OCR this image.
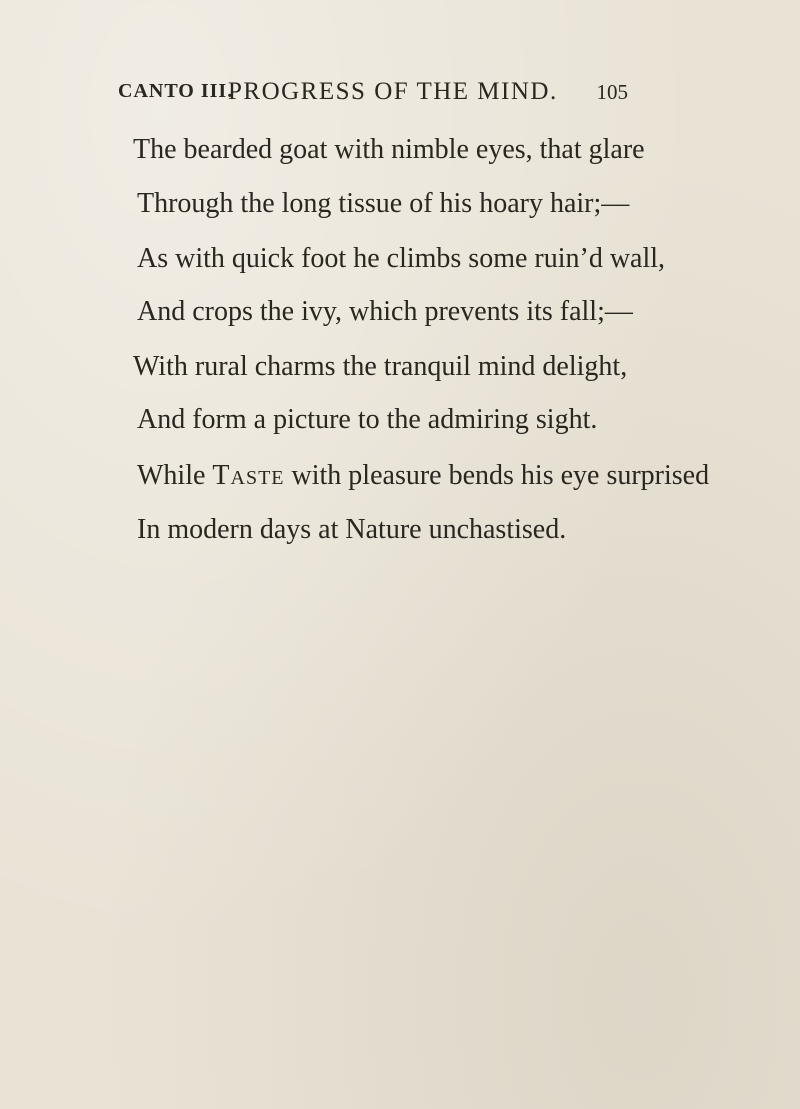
CANTO III.
PROGRESS OF THE MIND. 105
The bearded goat with nimble eyes, that glare
Through the long tissue of his hoary hair;—
As with quick foot he climbs some ruin’d wall,
And crops the ivy, which prevents its fall;—
With rural charms the tranquil mind delight,
And form a picture to the admiring sight.
While Taste with pleasure bends his eye surprised
In modern days at Nature unchastised.
